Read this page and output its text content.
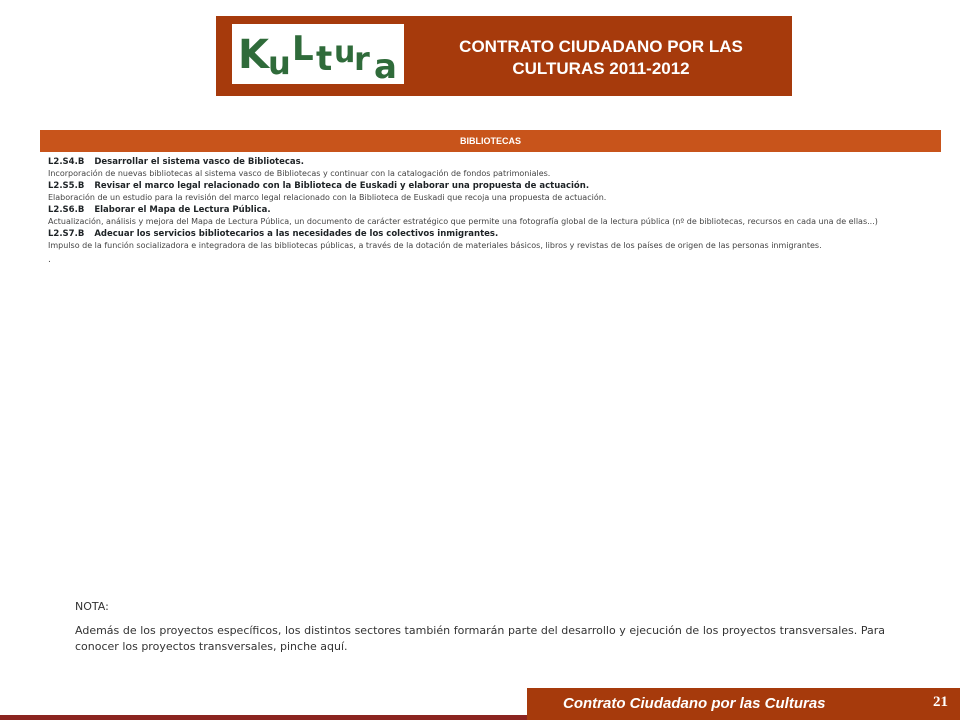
K u L t u
r a
CONTRATO CIUDADANO POR LAS
CULTURAS 2011-2012
BIBLIOTECAS
L2.S4.B Desarrollar el sistema vasco de Bibliotecas.
Incorporación de nuevas bibliotecas al sistema vasco de Bibliotecas y continuar con la catalogación de fondos patrimoniales.
L2.S5.B Revisar el marco legal relacionado con la Biblioteca de Euskadi y elaborar una propuesta de actuación.
Elaboración de un estudio para la revisión del marco legal relacionado con la Biblioteca de Euskadi que recoja una propuesta de actuación.
L2.S6.B Elaborar el Mapa de Lectura Pública.
Actualización, análisis y mejora del Mapa de Lectura Pública, un documento de carácter estratégico que permite una fotografía global de la lectura pública (nº de bibliotecas, recursos en cada una de ellas...)
L2.S7.B Adecuar los servicios bibliotecarios a las necesidades de los colectivos inmigrantes.
Impulso de la función socializadora e integradora de las bibliotecas públicas, a través de la dotación de materiales básicos, libros y revistas de los países de origen de las personas inmigrantes.
.
NOTA:
Además de los proyectos específicos, los distintos sectores también formarán parte del desarrollo y ejecución de los proyectos transversales. Para conocer los proyectos transversales, pinche aquí.
Contrato Ciudadano por las Culturas	21
